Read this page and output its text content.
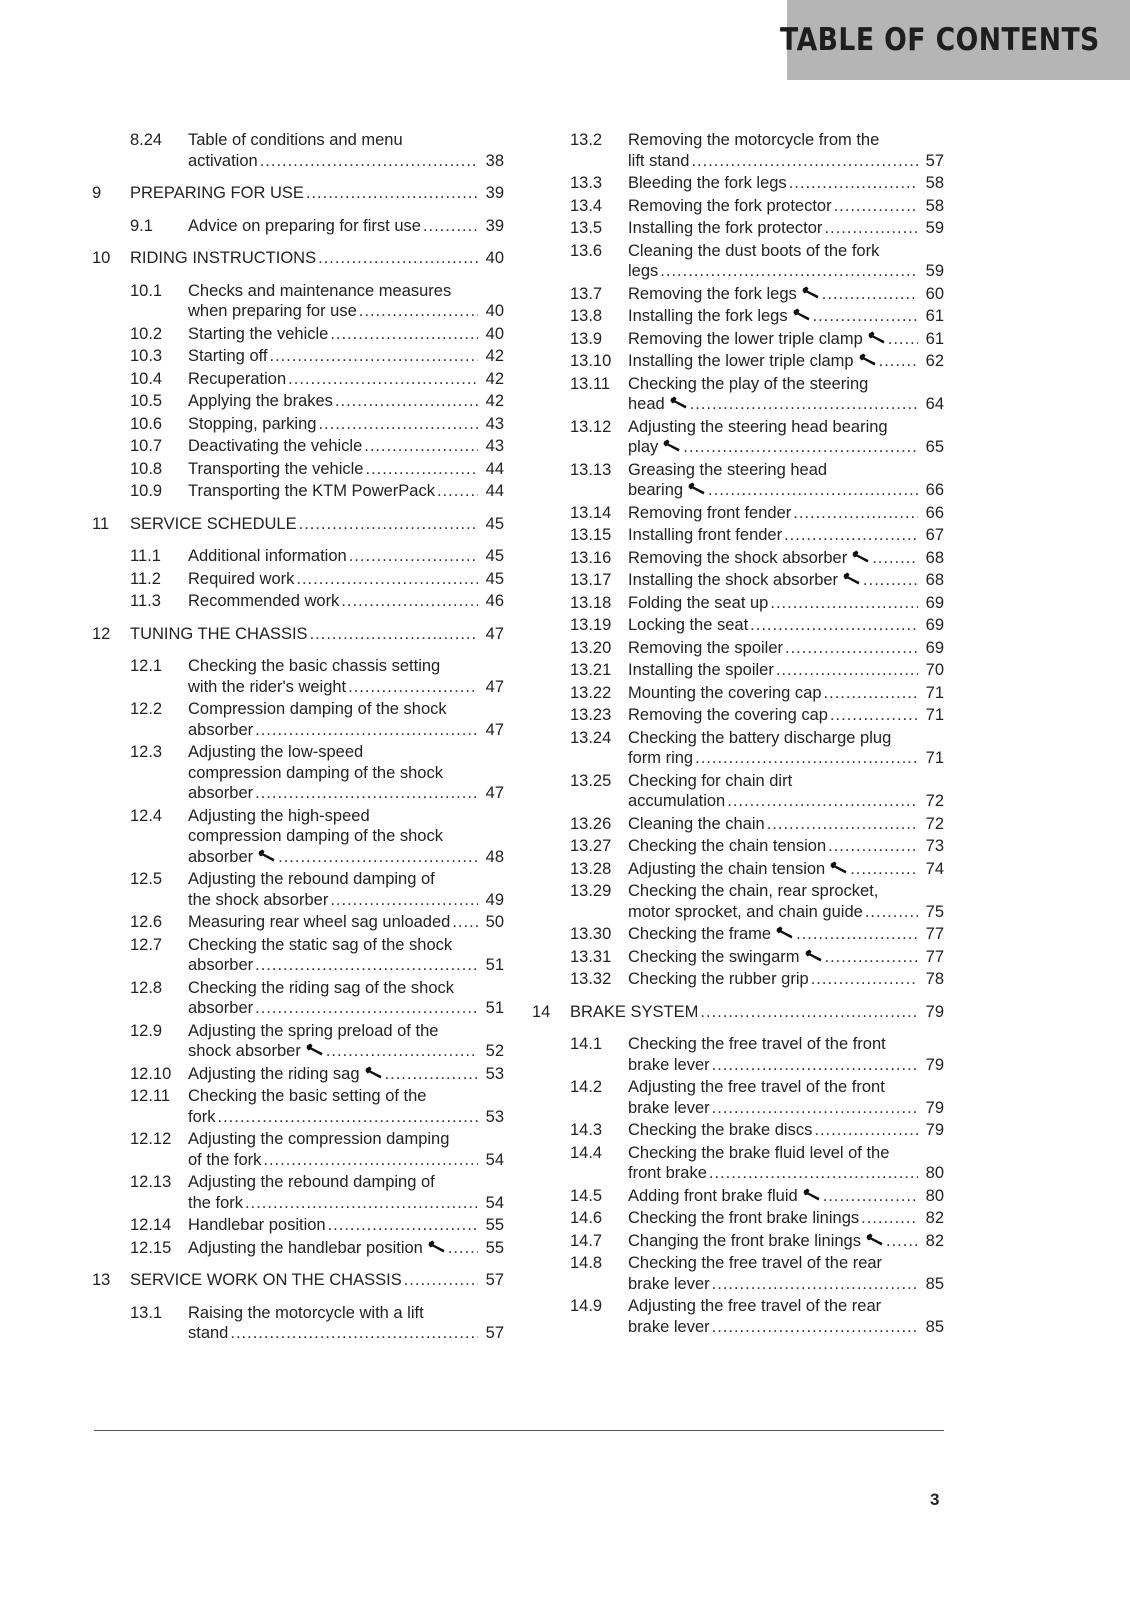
TABLE OF CONTENTS
8.24 Table of conditions and menu
activation .....	38
9 PREPARING FOR USE .....	39
9.1 Advice on preparing for first use .....	39
10 RIDING INSTRUCTIONS .....	40
10.1 Checks and maintenance measures
when preparing for use .....	40
10.2 Starting the vehicle .....	40
10.3 Starting off .....	42
10.4 Recuperation .....	42
10.5 Applying the brakes .....	42
10.6 Stopping, parking .....	43
10.7 Deactivating the vehicle .....	43
10.8 Transporting the vehicle .....	44
10.9 Transporting the KTM PowerPack .....	44
11 SERVICE SCHEDULE .....	45
11.1 Additional information .....	45
11.2 Required work .....	45
11.3 Recommended work .....	46
12 TUNING THE CHASSIS .....	47
12.1 Checking the basic chassis setting
with the rider's weight .....	47
12.2 Compression damping of the shock
absorber .....	47
12.3 Adjusting the low-speed
compression damping of the shock
absorber .....	47
12.4 Adjusting the high-speed
compression damping of the shock
absorber .....	48
12.5 Adjusting the rebound damping of
the shock absorber .....	49
12.6 Measuring rear wheel sag unloaded ..... 50
12.7 Checking the static sag of the shock
absorber .....	51
12.8 Checking the riding sag of the shock
absorber .....	51
12.9 Adjusting the spring preload of the
shock absorber .....	52
12.10 Adjusting the riding sag .....	53
12.11 Checking the basic setting of the
fork .....	53
12.12 Adjusting the compression damping
of the fork .....	54
12.13 Adjusting the rebound damping of
the fork .....	54
12.14 Handlebar position .....	55
12.15 Adjusting the handlebar position .....	55
13 SERVICE WORK ON THE CHASSIS .....	57
13.1 Raising the motorcycle with a lift
stand .....	57
13.2 Removing the motorcycle from the
lift stand .....	57
13.3 Bleeding the fork legs .....	58
13.4 Removing the fork protector .....	58
13.5 Installing the fork protector .....	59
13.6 Cleaning the dust boots of the fork
legs .....	59
13.7 Removing the fork legs .....	60
13.8 Installing the fork legs .....	61
13.9 Removing the lower triple clamp .....	61
13.10 Installing the lower triple clamp .....	62
13.11 Checking the play of the steering
head .....	64
13.12 Adjusting the steering head bearing
play .....	65
13.13 Greasing the steering head
bearing .....	66
13.14 Removing front fender .....	66
13.15 Installing front fender .....	67
13.16 Removing the shock absorber .....	68
13.17 Installing the shock absorber .....	68
13.18 Folding the seat up .....	69
13.19 Locking the seat .....	69
13.20 Removing the spoiler .....	69
13.21 Installing the spoiler .....	70
13.22 Mounting the covering cap .....	71
13.23 Removing the covering cap .....	71
13.24 Checking the battery discharge plug
form ring .....	71
13.25 Checking for chain dirt
accumulation .....	72
13.26 Cleaning the chain .....	72
13.27 Checking the chain tension .....	73
13.28 Adjusting the chain tension .....	74
13.29 Checking the chain, rear sprocket,
motor sprocket, and chain guide .....	75
13.30 Checking the frame .....	77
13.31 Checking the swingarm .....	77
13.32 Checking the rubber grip .....	78
14 BRAKE SYSTEM .....	79
14.1 Checking the free travel of the front
brake lever .....	79
14.2 Adjusting the free travel of the front
brake lever .....	79
14.3 Checking the brake discs .....	79
14.4 Checking the brake fluid level of the
front brake .....	80
14.5 Adding front brake fluid .....	80
14.6 Checking the front brake linings .....	82
14.7 Changing the front brake linings .....	82
14.8 Checking the free travel of the rear
brake lever .....	85
14.9 Adjusting the free travel of the rear
brake lever .....	85
3
